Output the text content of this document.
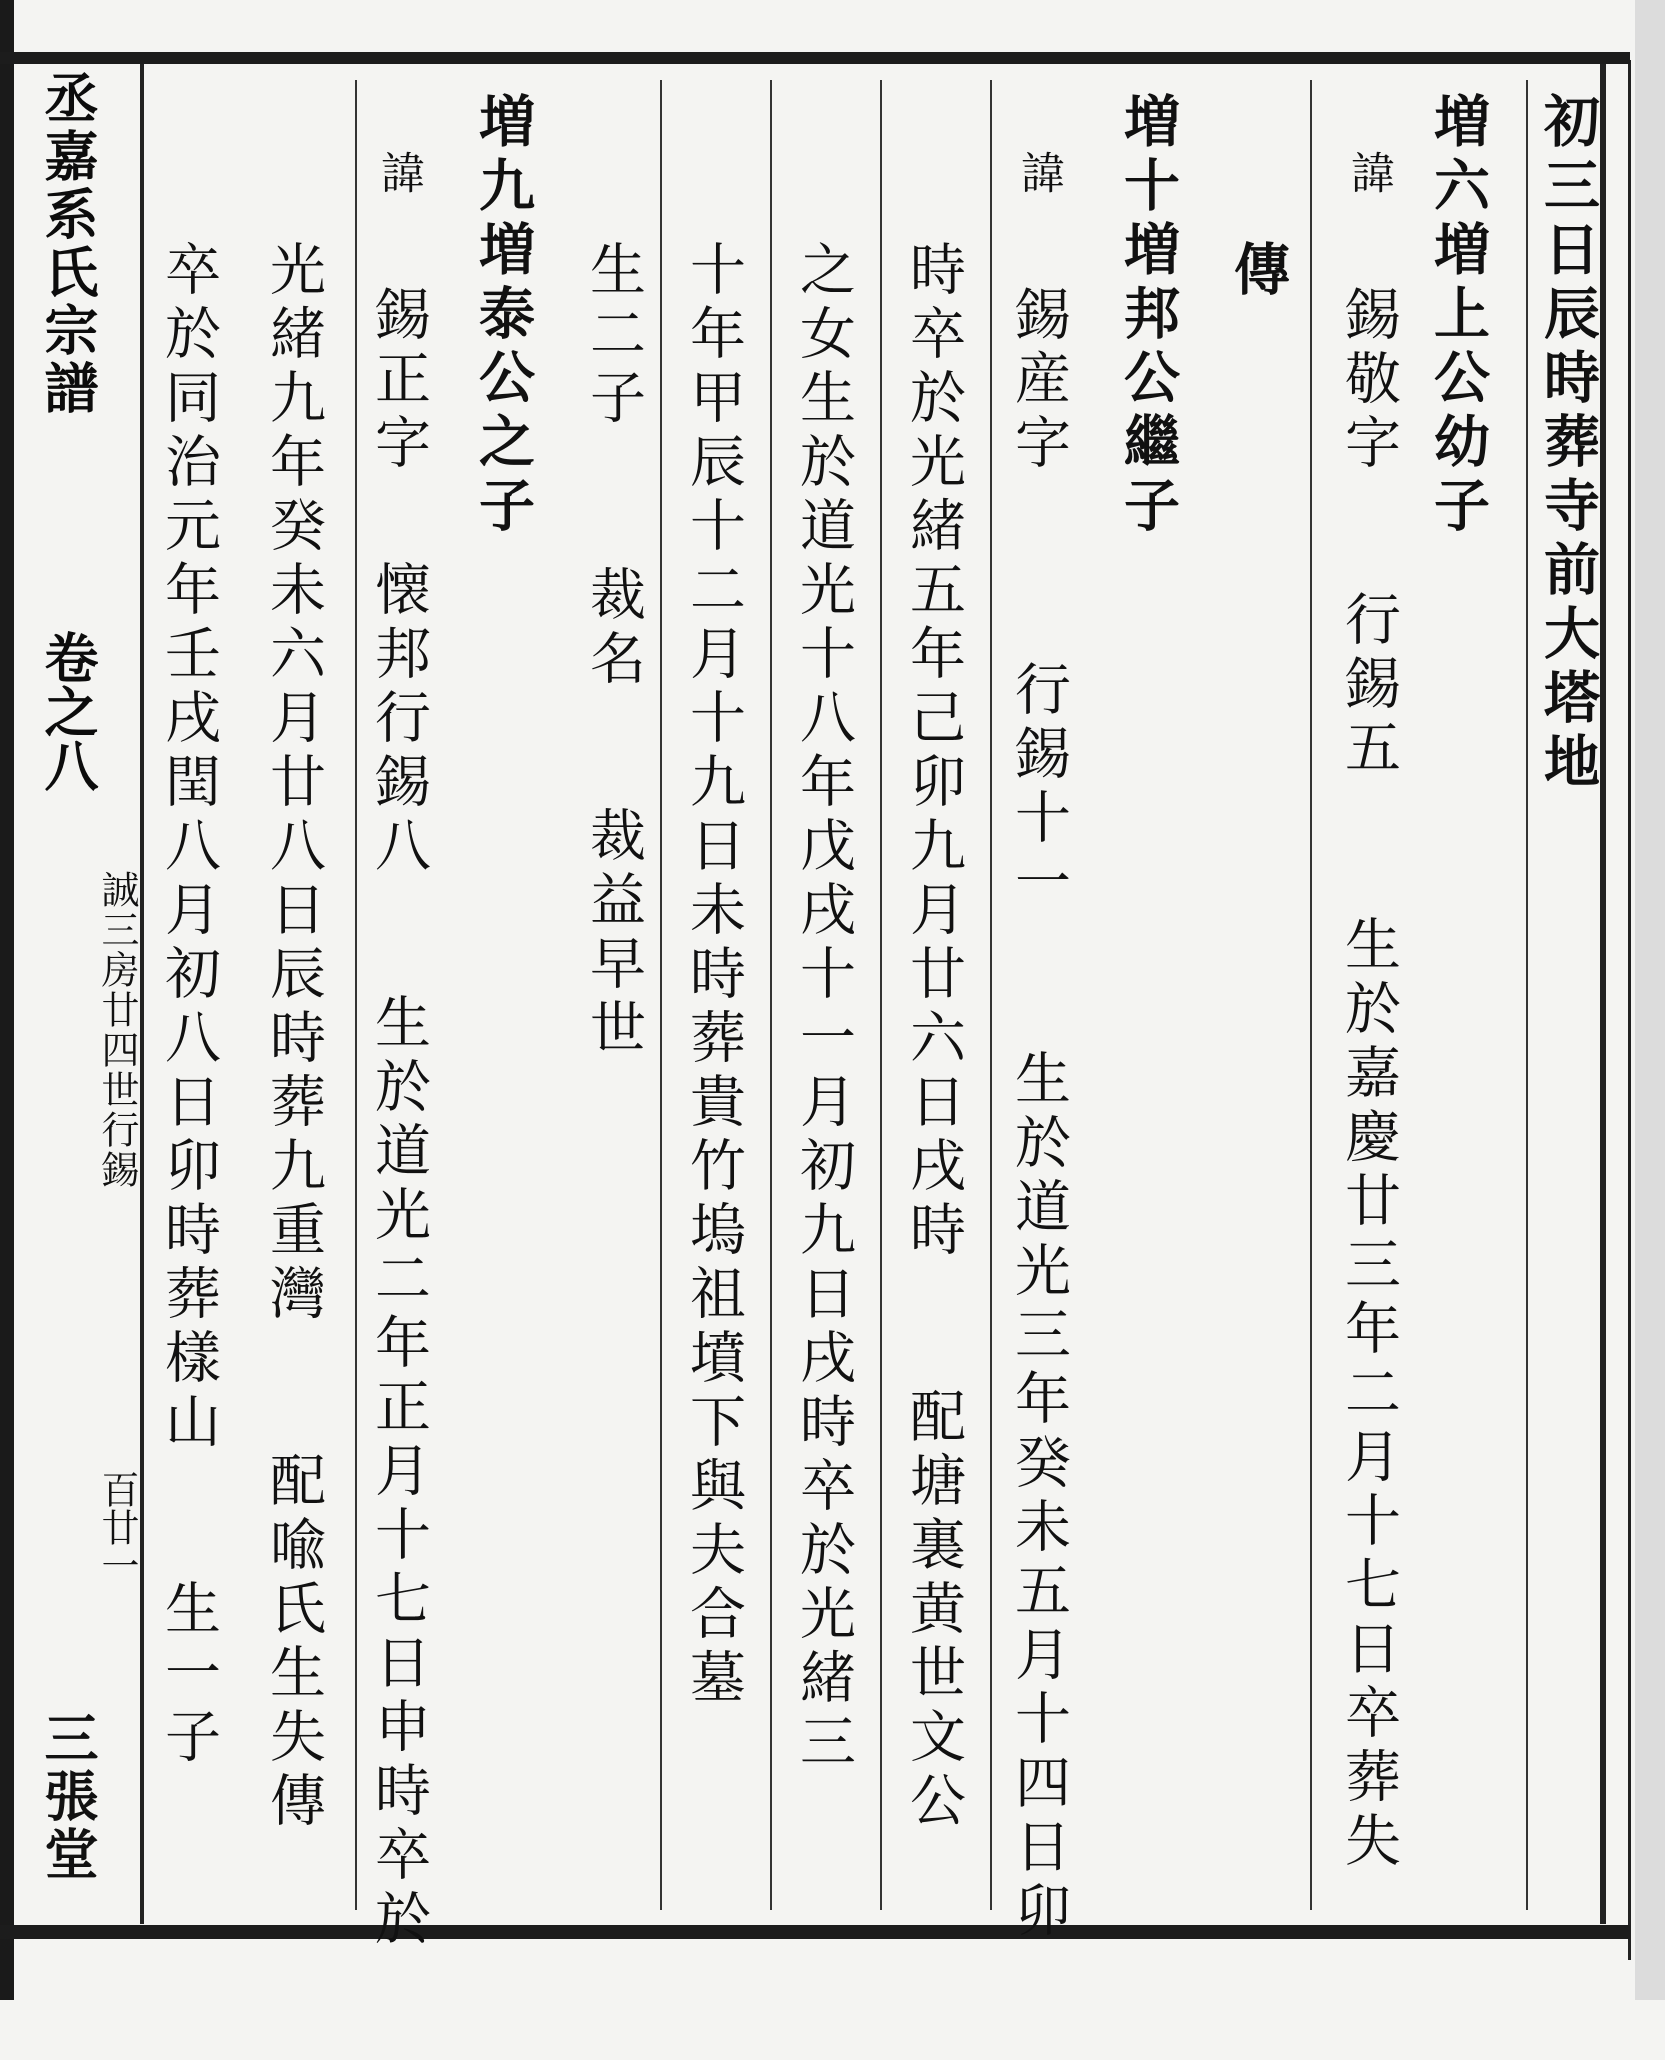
丞嘉系氏宗譜
卷之八
誠三房廿四世行錫
百廿一
三張堂
初三日辰時葬寺前大塔地
増六増上公幼子
諱 錫敬字 行錫五 生於嘉慶廿三年二月十七日卒葬失
傳
増十増邦公繼子
諱 錫産字 行錫十一 生於道光三年癸未五月十四日卯
時卒於光緒五年己卯九月廿六日戌時 配塘裏黄世文公
之女生於道光十八年戊戌十一月初九日戌時卒於光緒三
十年甲辰十二月十九日未時葬貴竹塢祖墳下與夫合墓
生二子 裁名 裁益早世
増九増泰公之子
諱 錫正字 懐邦行錫八 生於道光二年正月十七日申時卒於
光緒九年癸未六月廿八日辰時葬九重灣 配喩氏生失傳
卒於同治元年壬戌閏八月初八日卯時葬樣山 生一子
